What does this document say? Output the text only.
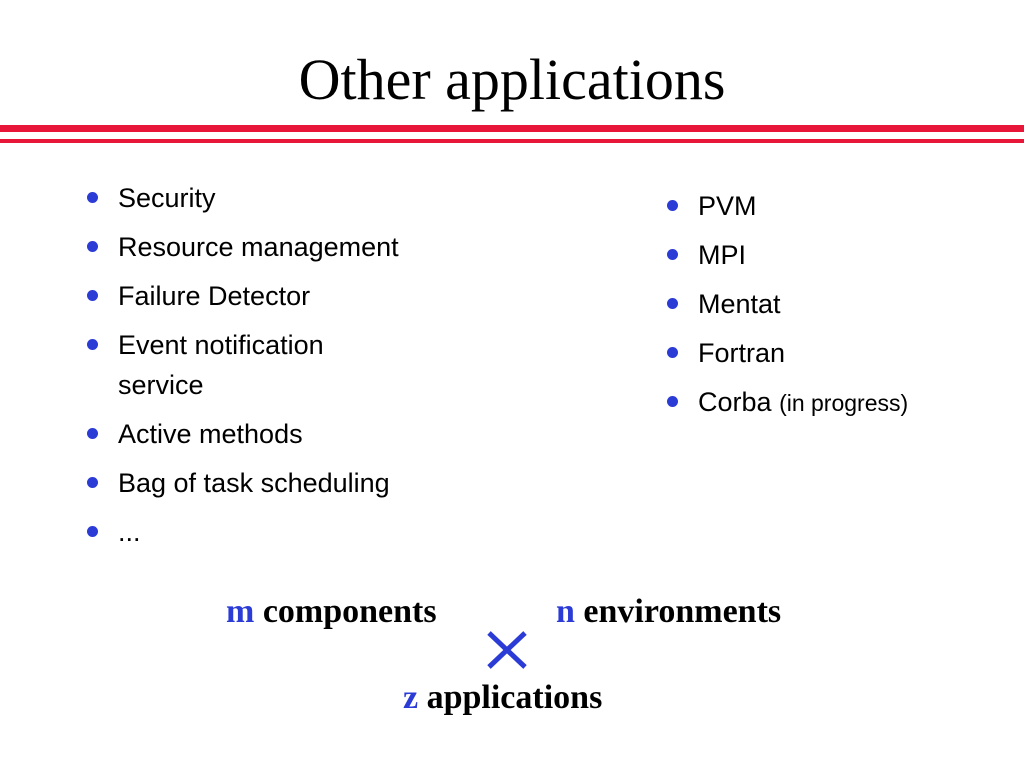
Other applications
Security
Resource management
Failure Detector
Event notification service
Active methods
Bag of task scheduling
...
PVM
MPI
Mentat
Fortran
Corba (in progress)
m components	n environments
z applications
